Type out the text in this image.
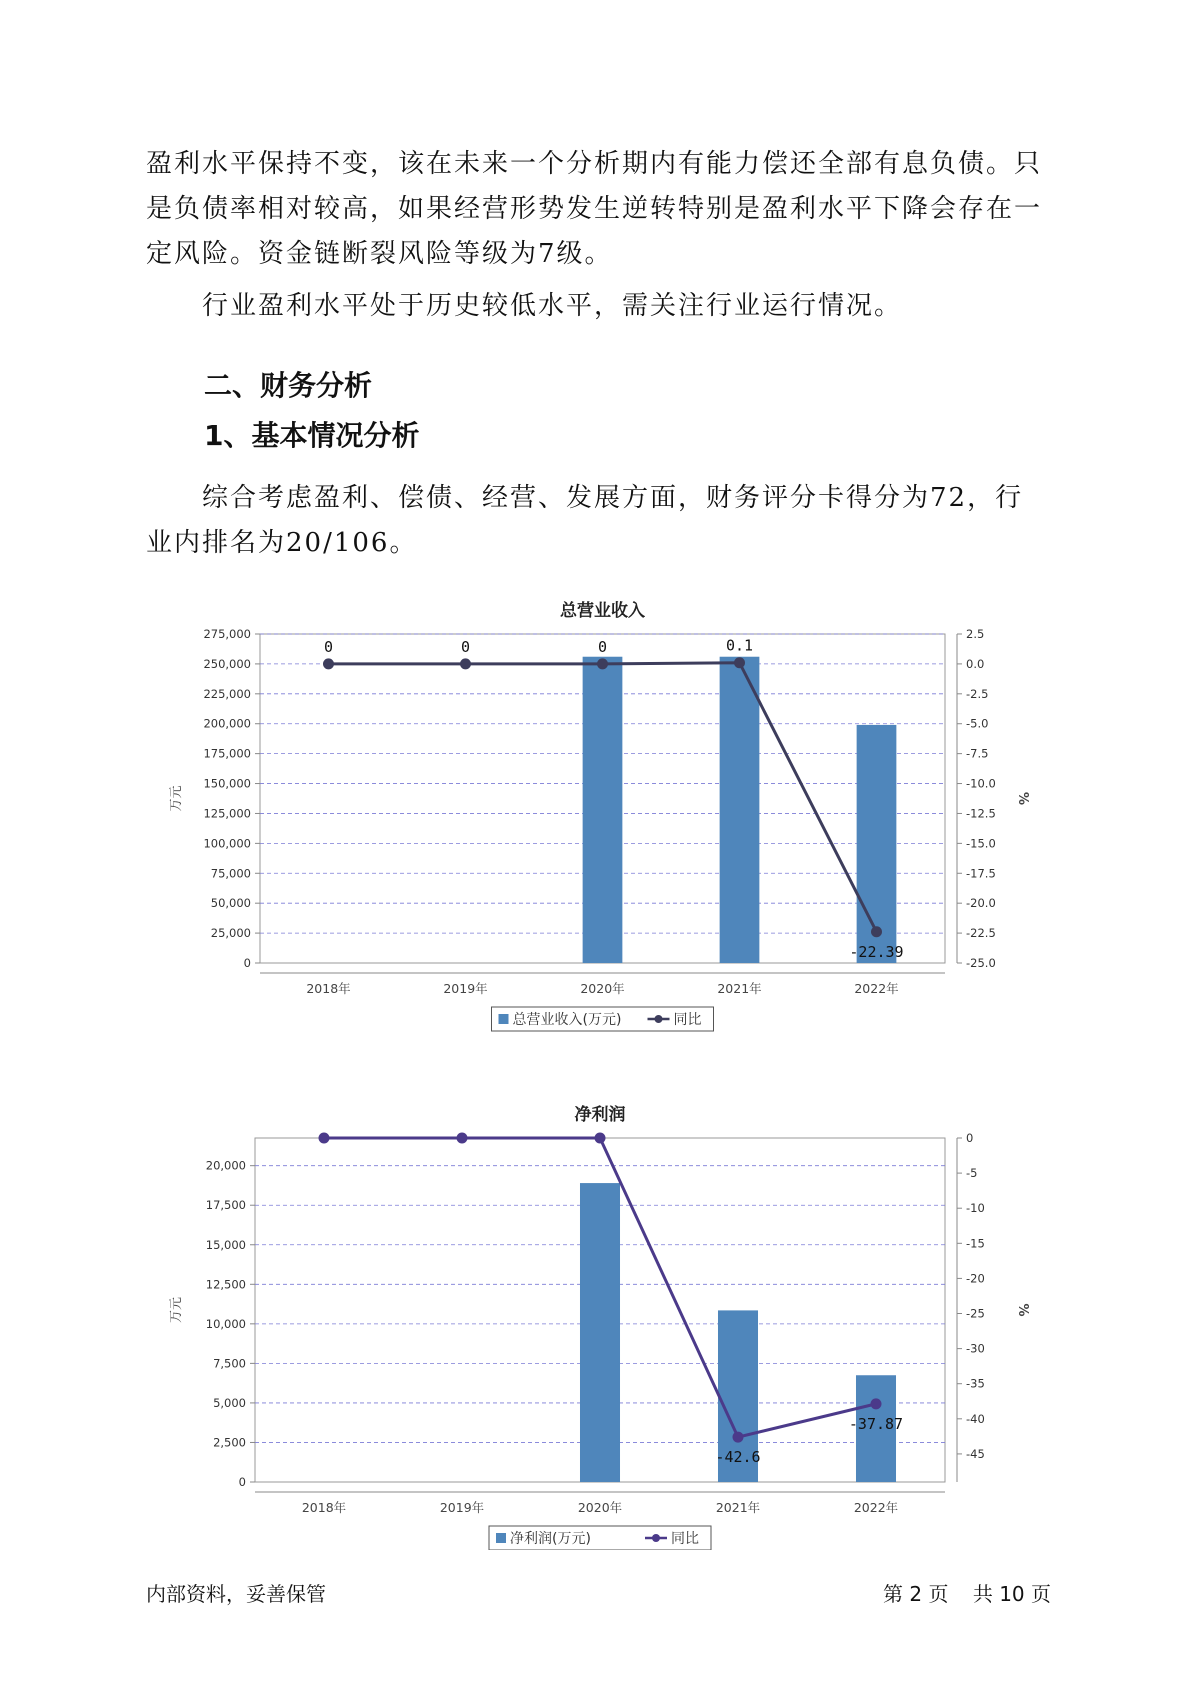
盈利水平保持不变，该在未来一个分析期内有能力偿还全部有息负债。只是负债率相对较高，如果经营形势发生逆转特别是盈利水平下降会存在一定风险。资金链断裂风险等级为7级。

行业盈利水平处于历史较低水平，需关注行业运行情况。

二、财务分析
1、基本情况分析

综合考虑盈利、偿债、经营、发展方面，财务评分卡得分为72，行业内排名为20/106。

总营业收入
0
25,000
50,000
75,000
100,000
125,000
150,000
175,000
200,000
225,000
250,000
275,000
-25.0
-22.5
-20.0
-17.5
-15.0
-12.5
-10.0
-7.5
-5.0
-2.5
0.0
2.5
万元	%
2018年	2019年	2020年	2021年	2022年
0	0	0	0.1
-22.39
总营业收入(万元)	同比
净利润
0
2,500
5,000
7,500
10,000
12,500
15,000
17,500
20,000
-45
-40
-35
-30
-25
-20
-15
-10
-5
0
万元	%
2018年	2019年	2020年	2021年	2022年
-42.6
-37.87
净利润(万元)	同比
内部资料，妥善保管	第 2 页 共 10 页
